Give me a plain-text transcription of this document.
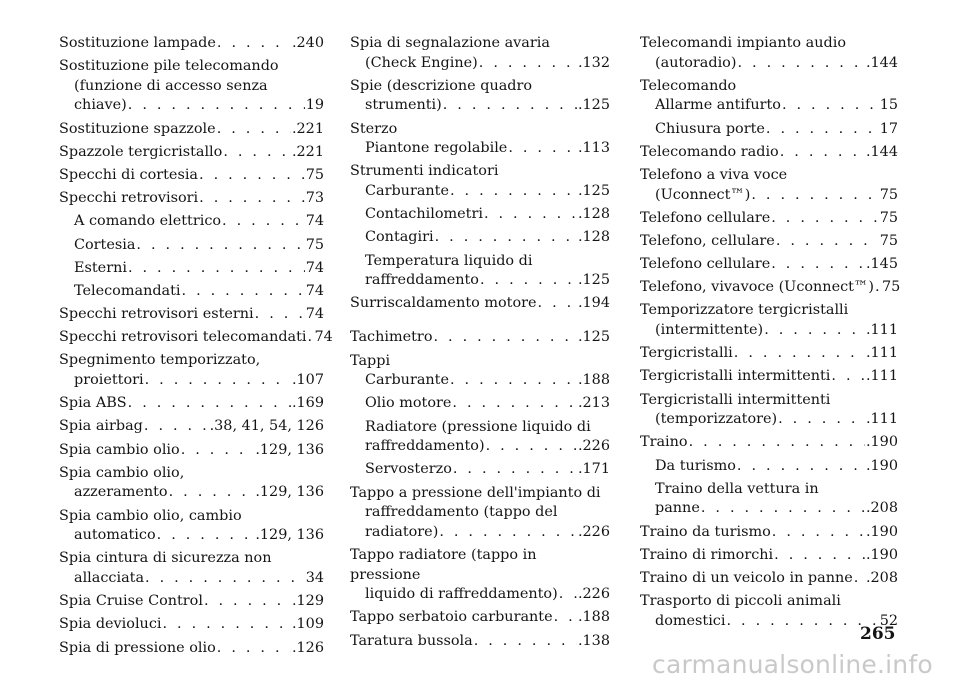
Sostituzione lampade . . .	.240
Sostituzione pile telecomando
(funzione di accesso senza
chiave) . . .	19
Sostituzione spazzole . . .	.221
Spazzole tergicristallo . . .	.221
Specchi di cortesia . . .	75
Specchi retrovisori . . .	73
A comando elettrico . . .	74
Cortesia . . .	75
Esterni . . .	74
Telecomandati . . .	74
Specchi retrovisori esterni . . .	74
Specchi retrovisori telecomandati . . . 74
Spegnimento temporizzato,
proiettori . . .	.107
Spia ABS . . .	.169
Spia airbag . . .	.38, 41, 54, 126
Spia cambio olio . . .	.129, 136
Spia cambio olio,
azzeramento . . .	.129, 136
Spia cambio olio, cambio
automatico . . .	.129, 136
Spia cintura di sicurezza non
allacciata . . .	34
Spia Cruise Control . . .	.129
Spia devioluci . . .	.109
Spia di pressione olio . . .	.126
Spia di segnalazione avaria
(Check Engine) . . .	.132
Spie (descrizione quadro
strumenti) . . .	.125
Sterzo
Piantone regolabile . . .	.113
Strumenti indicatori
Carburante . . .	.125
Contachilometri . . .	.128
Contagiri . . .	.128
Temperatura liquido di
raffreddamento . . .	.125
Surriscaldamento motore . . .	.194
Tachimetro . . .	.125
Tappi
Carburante . . .	.188
Olio motore . . .	.213
Radiatore (pressione liquido di
raffreddamento) . . .	.226
Servosterzo . . .	.171
Tappo a pressione dell'impianto di
raffreddamento (tappo del
radiatore) . . .	.226
Tappo radiatore (tappo in pressione
liquido di raffreddamento) . . . .226
Tappo serbatoio carburante . . . .188
Taratura bussola . . .	.138
Telecomandi impianto audio
(autoradio) . . .	.144
Telecomando
Allarme antifurto . . .	15
Chiusura porte . . .	17
Telecomando radio . . .	.144
Telefono a viva voce
(Uconnect™) . . .	75
Telefono cellulare . . .	75
Telefono, cellulare . . .	75
Telefono cellulare . . .	.145
Telefono, vivavoce (Uconnect™) . . . 75
Temporizzatore tergicristalli
(intermittente) . . .	.111
Tergicristalli . . .	.111
Tergicristalli intermittenti . . . .111
Tergicristalli intermittenti
(temporizzatore) . . .	.111
Traino . . .	.190
Da turismo . . .	.190
Traino della vettura in
panne . . .	.208
Traino da turismo . . .	.190
Traino di rimorchi . . .	.190
Traino di un veicolo in panne . . . .208
Trasporto di piccoli animali
domestici . . .	52
265
carmanualsonline.info
